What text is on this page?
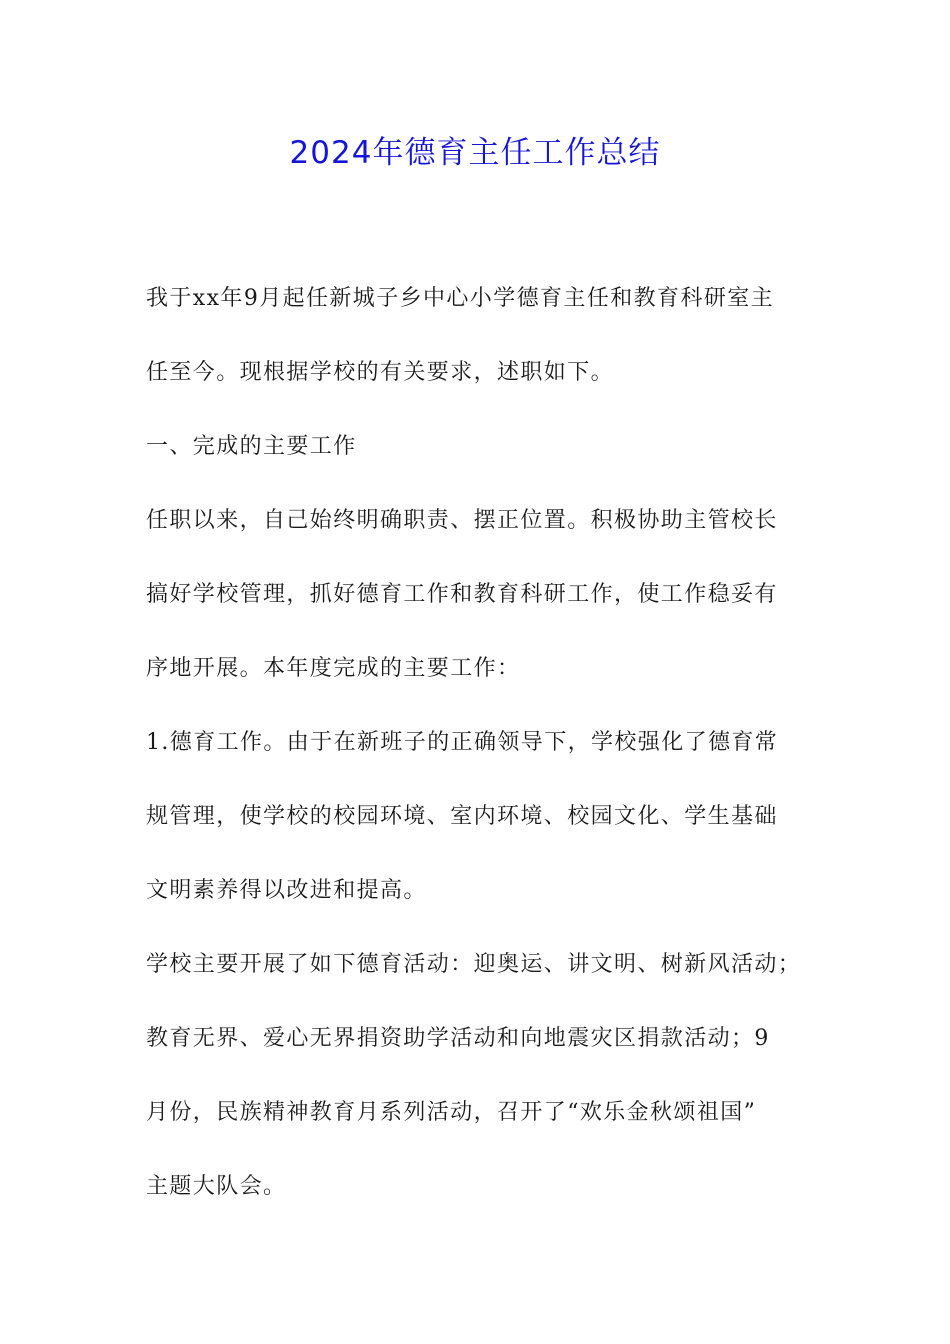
2024年德育主任工作总结

我于xx年9月起任新城子乡中心小学德育主任和教育科研室主

任至今。现根据学校的有关要求，述职如下。

一、完成的主要工作

任职以来，自己始终明确职责、摆正位置。积极协助主管校长

搞好学校管理，抓好德育工作和教育科研工作，使工作稳妥有

序地开展。本年度完成的主要工作：

1.德育工作。由于在新班子的正确领导下，学校强化了德育常

规管理，使学校的校园环境、室内环境、校园文化、学生基础

文明素养得以改进和提高。

学校主要开展了如下德育活动：迎奥运、讲文明、树新风活动；

教育无界、爱心无界捐资助学活动和向地震灾区捐款活动；9

月份，民族精神教育月系列活动，召开了“欢乐金秋颂祖国”

主题大队会。
